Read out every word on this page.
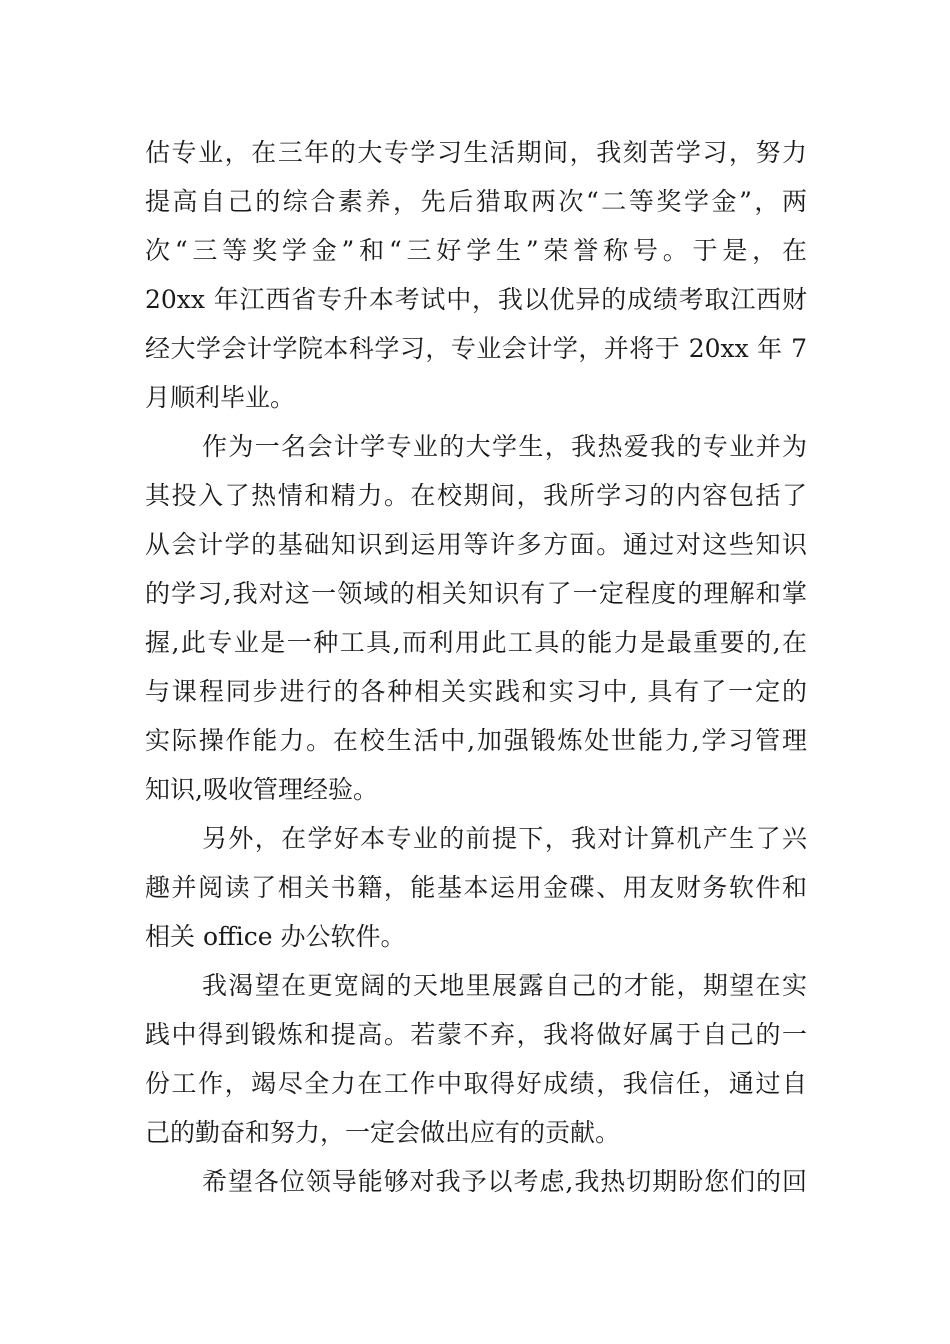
估专业，在三年的大专学习生活期间，我刻苦学习，努力
提高自己的综合素养，先后猎取两次“二等奖学金”，两
次“三等奖学金”和“三好学生”荣誉称号。于是，在
20xx 年江西省专升本考试中，我以优异的成绩考取江西财
经大学会计学院本科学习，专业会计学，并将于 20xx 年 7
月顺利毕业。
作为一名会计学专业的大学生，我热爱我的专业并为
其投入了热情和精力。在校期间，我所学习的内容包括了
从会计学的基础知识到运用等许多方面。通过对这些知识
的学习,我对这一领域的相关知识有了一定程度的理解和掌
握,此专业是一种工具,而利用此工具的能力是最重要的,在
与课程同步进行的各种相关实践和实习中, 具有了一定的
实际操作能力。在校生活中,加强锻炼处世能力,学习管理
知识,吸收管理经验。
另外，在学好本专业的前提下，我对计算机产生了兴
趣并阅读了相关书籍，能基本运用金碟、用友财务软件和
相关 office 办公软件。
我渴望在更宽阔的天地里展露自己的才能，期望在实
践中得到锻炼和提高。若蒙不弃，我将做好属于自己的一
份工作，竭尽全力在工作中取得好成绩，我信任，通过自
己的勤奋和努力，一定会做出应有的贡献。
希望各位领导能够对我予以考虑,我热切期盼您们的回
